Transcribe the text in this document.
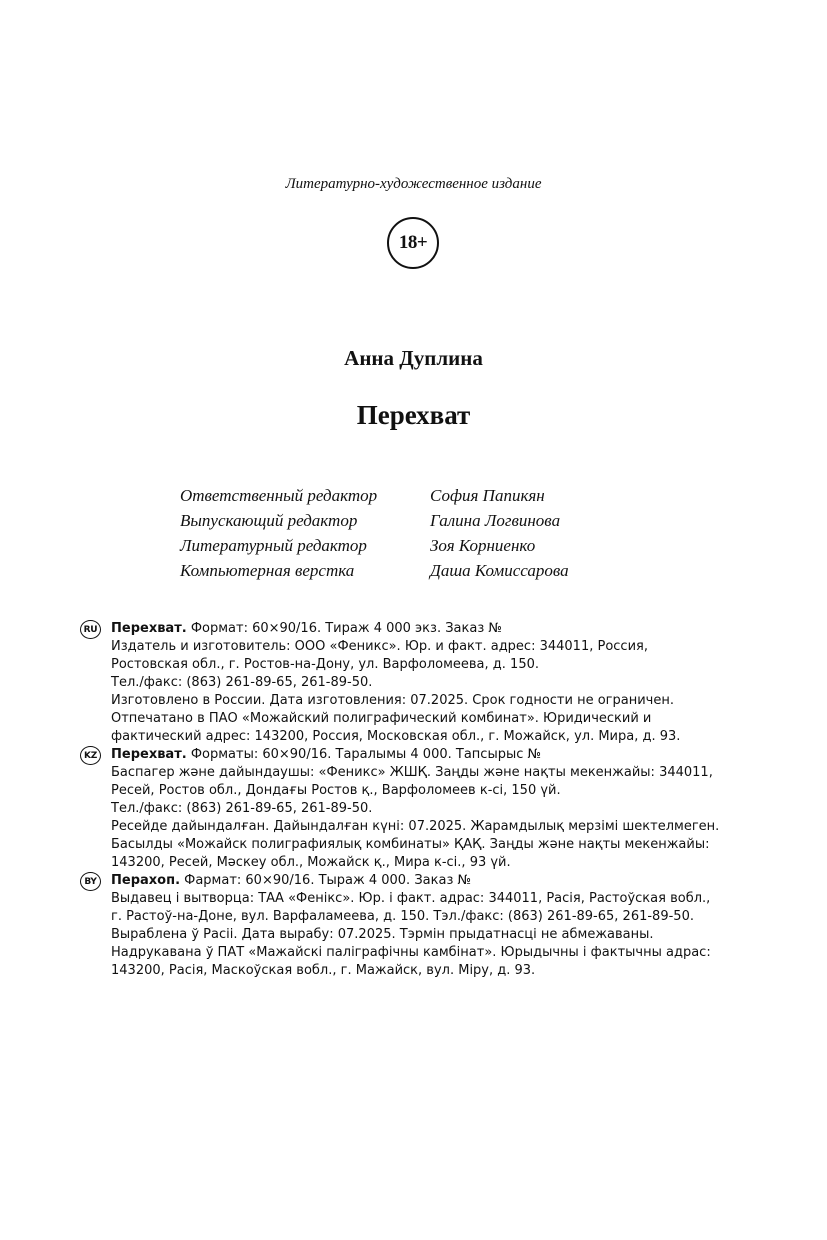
Литературно-художественное издание
18+
Анна Дуплина
Перехват
Ответственный редактор	София Папикян
Выпускающий редактор	Галина Логвинова
Литературный редактор	Зоя Корниенко
Компьютерная верстка	Даша Комиссарова
RU Перехват. Формат: 60×90/16. Тираж 4 000 экз. Заказ №
Издатель и изготовитель: ООО «Феникс». Юр. и факт. адрес: 344011, Россия,
Ростовская обл., г. Ростов-на-Дону, ул. Варфоломеева, д. 150.
Тел./факс: (863) 261-89-65, 261-89-50.
Изготовлено в России. Дата изготовления: 07.2025. Срок годности не ограничен.
Отпечатано в ПАО «Можайский полиграфический комбинат». Юридический и
фактический адрес: 143200, Россия, Московская обл., г. Можайск, ул. Мира, д. 93.
KZ	Перехват. Форматы: 60×90/16. Таралымы 4 000. Тапсырыс №
Баспагер және дайындаушы: «Феникс» ЖШҚ. Заңды және нақты мекенжайы: 344011,
Ресей, Ростов обл., Дондағы Ростов қ., Варфоломеев к-сі, 150 үй.
Тел./факс: (863) 261-89-65, 261-89-50.
Ресейде дайындалған. Дайындалған күні: 07.2025. Жарамдылық мерзімі шектелмеген.
Басылды «Можайск полиграфиялық комбинаты» ҚАҚ. Заңды және нақты мекенжайы:
143200, Ресей, Мәскеу обл., Можайск қ., Мира к-сі., 93 үй.
BY	Перахоп. Фармат: 60×90/16. Тыраж 4 000. Заказ №
Выдавец і вытворца: ТАА «Фенікс». Юр. і факт. адрас: 344011, Расія, Растоўская вобл.,
г. Растоў-на-Доне, вул. Варфаламеева, д. 150. Тэл./факс: (863) 261-89-65, 261-89-50.
Выраблена ў Расіі. Дата вырабу: 07.2025. Тэрмін прыдатнасці не абмежаваны.
Надрукавана ў ПАТ «Мажайскі паліграфічны камбінат». Юрыдычны і фактычны адрас:
143200, Расія, Маскоўская вобл., г. Мажайск, вул. Міру, д. 93.
